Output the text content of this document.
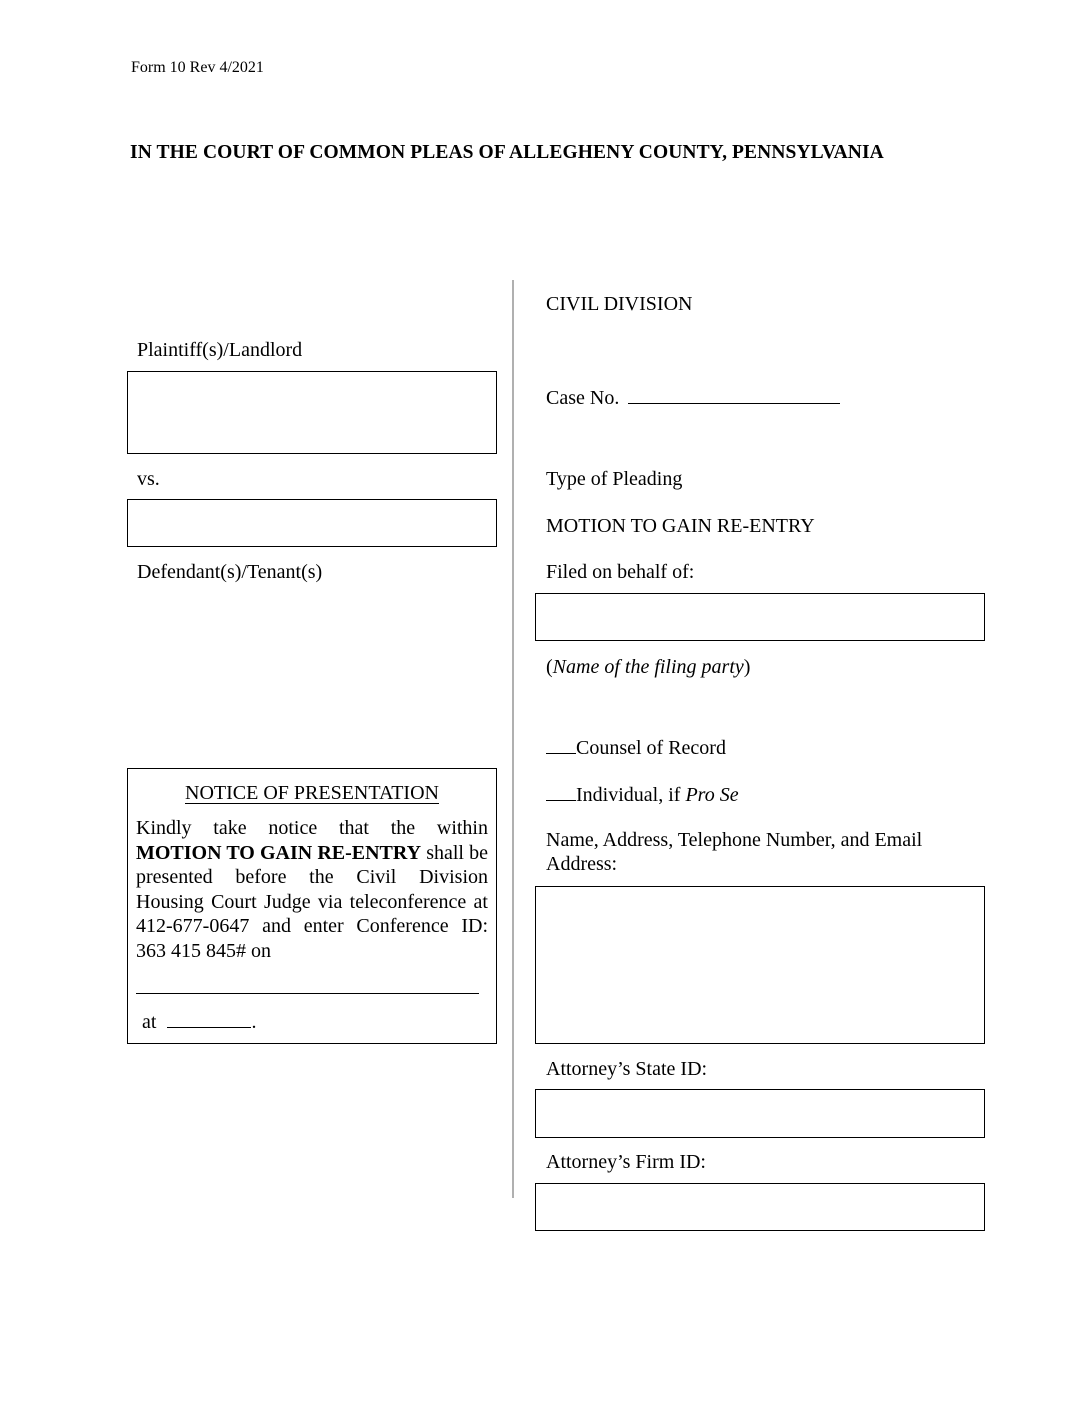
Form 10 Rev 4/2021
IN THE COURT OF COMMON PLEAS OF ALLEGHENY COUNTY, PENNSYLVANIA
Plaintiff(s)/Landlord
vs.
Defendant(s)/Tenant(s)
NOTICE OF PRESENTATION
Kindly take notice that the within MOTION TO GAIN RE-ENTRY shall be presented before the Civil Division Housing Court Judge via teleconference at 412-677-0647 and enter Conference ID: 363 415 845# on
at	.
CIVIL DIVISION
Case No.
Type of Pleading
MOTION TO GAIN RE-ENTRY
Filed on behalf of:
(Name of the filing party)
Counsel of Record
Individual, if Pro Se
Name, Address, Telephone Number, and Email Address:
Attorney’s State ID:
Attorney’s Firm ID:
